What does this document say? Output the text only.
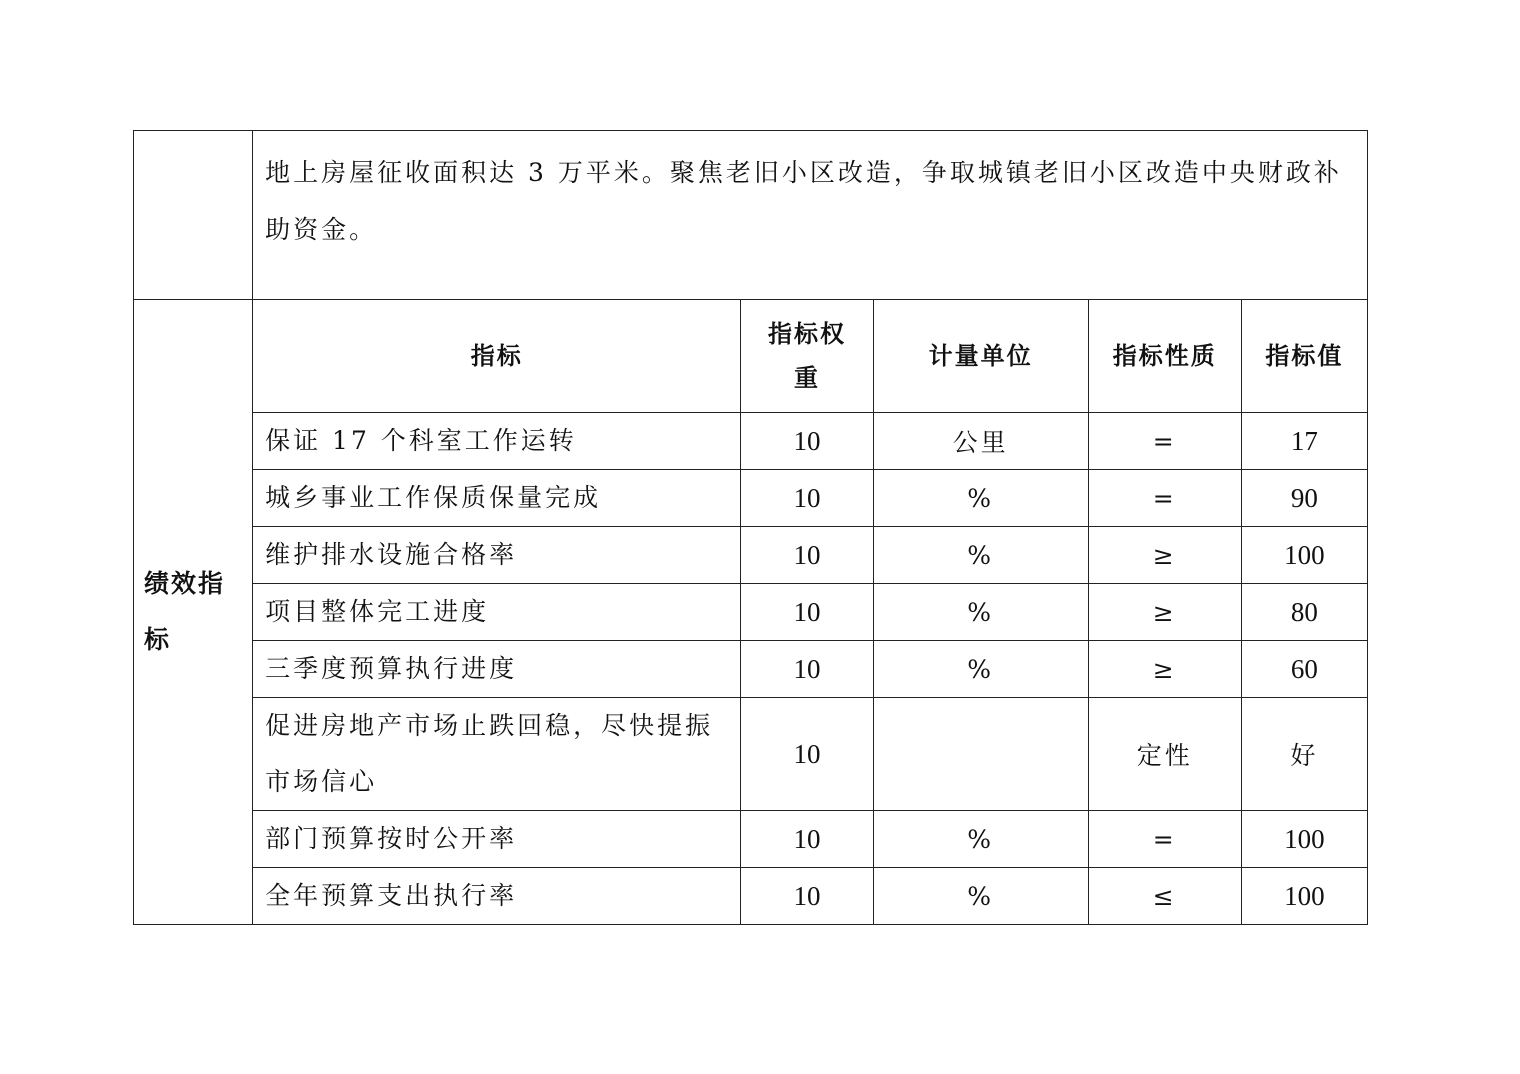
	地上房屋征收面积达 3 万平米。聚焦老旧小区改造，争取城镇老旧小区改造中央财政补助资金。				
绩效指标	指标	指标权重	计量单位	指标性质	指标值
	保证 17 个科室工作运转	10	公里	=	17
	城乡事业工作保质保量完成	10	%	=	90
	维护排水设施合格率	10	%	≥	100
	项目整体完工进度	10	%	≥	80
	三季度预算执行进度	10	%	≥	60
	促进房地产市场止跌回稳，尽快提振市场信心	10		定性	好
	部门预算按时公开率	10	%	=	100
	全年预算支出执行率	10	%	≤	100
